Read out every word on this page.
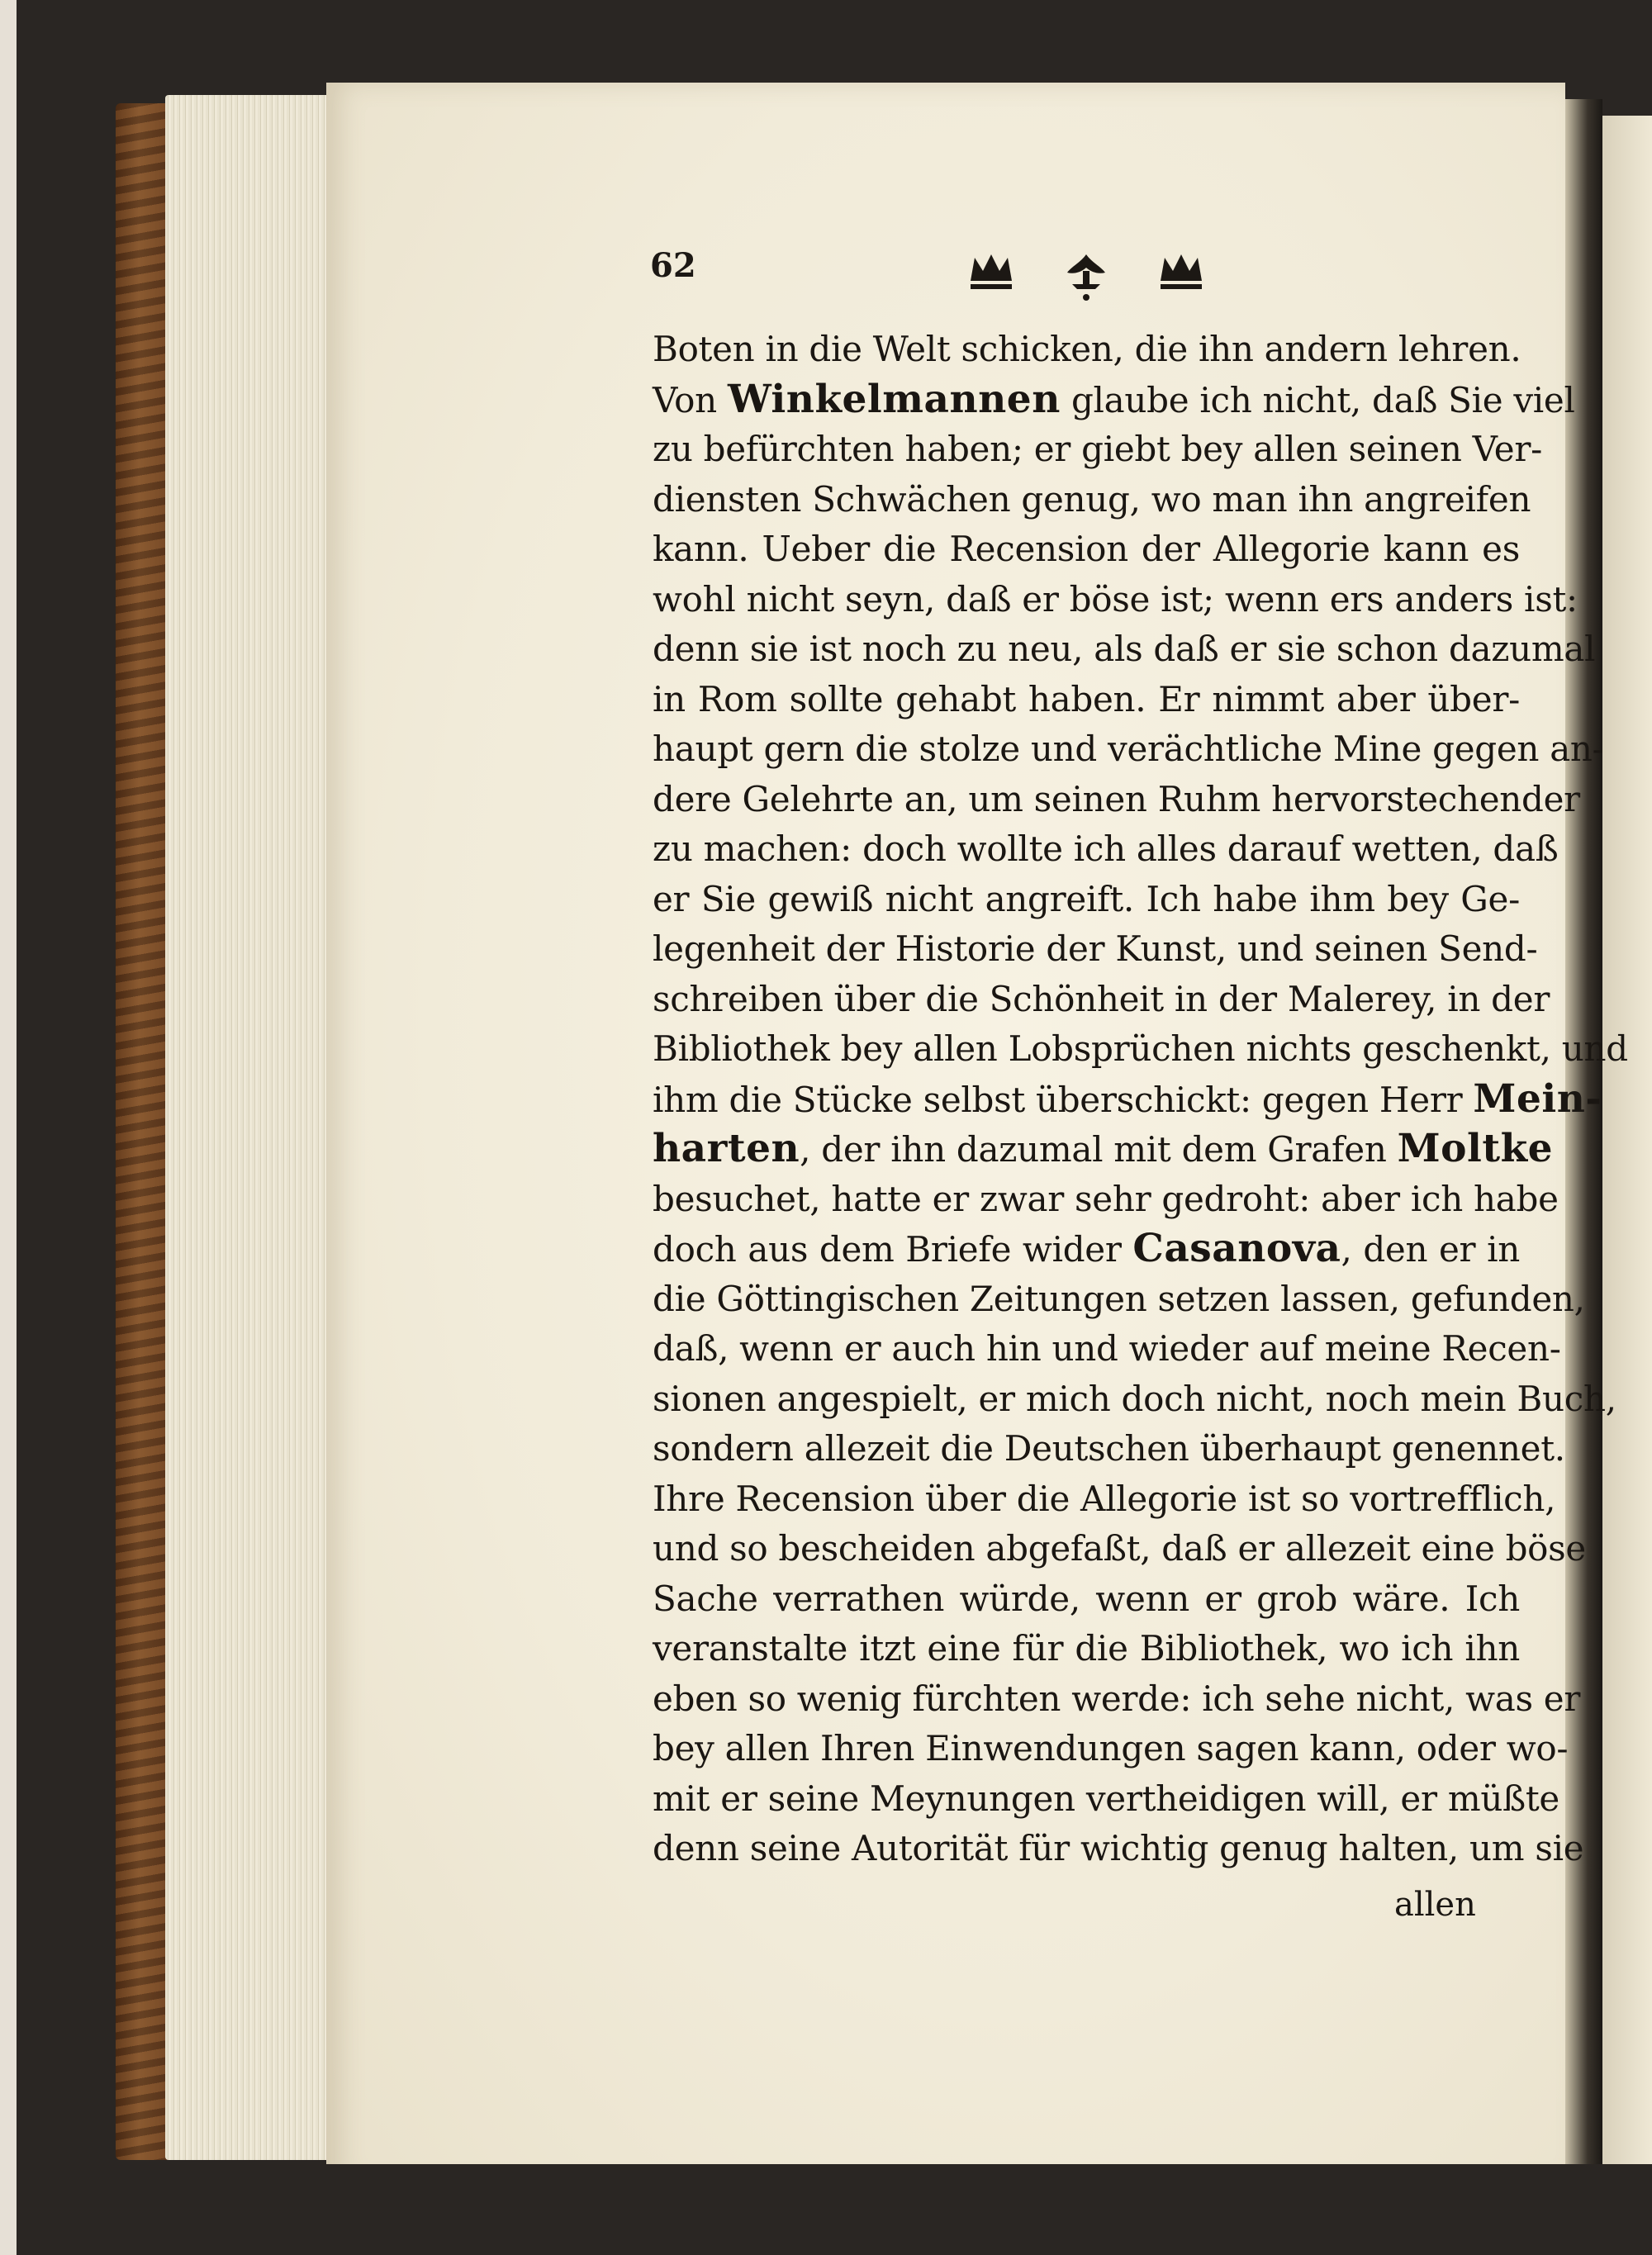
62
Boten in die Welt schicken, die ihn andern lehren.
Von Winkelmannen glaube ich nicht, daß Sie viel
zu befürchten haben; er giebt bey allen seinen Ver-
diensten Schwächen genug, wo man ihn angreifen
kann. Ueber die Recension der Allegorie kann es
wohl nicht seyn, daß er böse ist; wenn ers anders ist:
denn sie ist noch zu neu, als daß er sie schon dazumal
in Rom sollte gehabt haben. Er nimmt aber über-
haupt gern die stolze und verächtliche Mine gegen an-
dere Gelehrte an, um seinen Ruhm hervorstechender
zu machen: doch wollte ich alles darauf wetten, daß
er Sie gewiß nicht angreift. Ich habe ihm bey Ge-
legenheit der Historie der Kunst, und seinen Send-
schreiben über die Schönheit in der Malerey, in der
Bibliothek bey allen Lobsprüchen nichts geschenkt, und
ihm die Stücke selbst überschickt: gegen Herr Mein-
harten, der ihn dazumal mit dem Grafen Moltke
besuchet, hatte er zwar sehr gedroht: aber ich habe
doch aus dem Briefe wider Casanova, den er in
die Göttingischen Zeitungen setzen lassen, gefunden,
daß, wenn er auch hin und wieder auf meine Recen-
sionen angespielt, er mich doch nicht, noch mein Buch,
sondern allezeit die Deutschen überhaupt genennet.
Ihre Recension über die Allegorie ist so vortrefflich,
und so bescheiden abgefaßt, daß er allezeit eine böse
Sache verrathen würde, wenn er grob wäre. Ich
veranstalte itzt eine für die Bibliothek, wo ich ihn
eben so wenig fürchten werde: ich sehe nicht, was er
bey allen Ihren Einwendungen sagen kann, oder wo-
mit er seine Meynungen vertheidigen will, er müßte
denn seine Autorität für wichtig genug halten, um sie
allen
